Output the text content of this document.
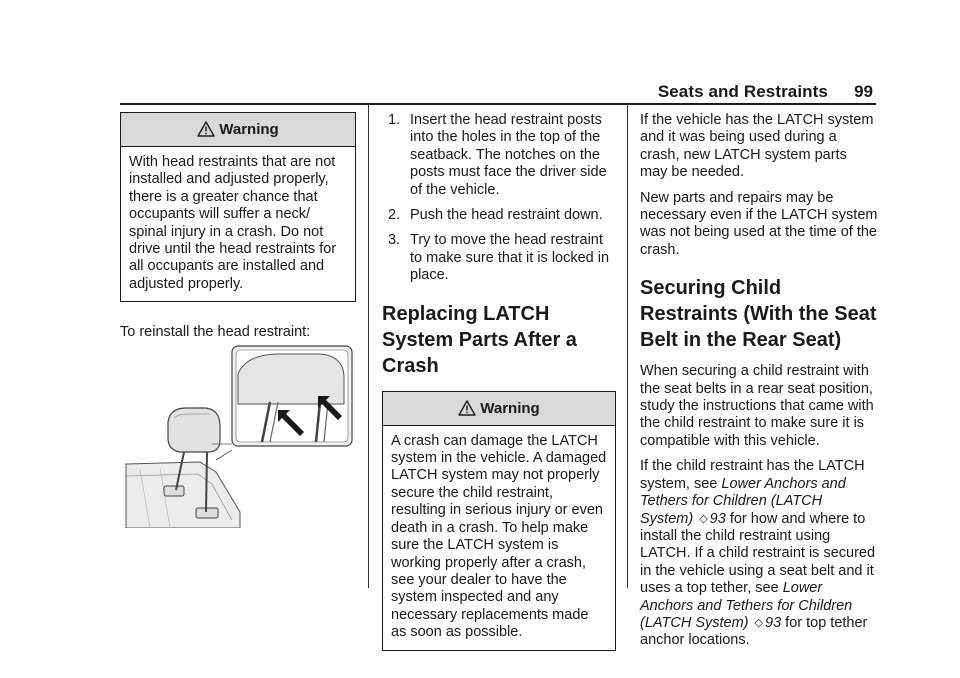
Seats and Restraints 99
Warning
With head restraints that are not installed and adjusted properly, there is a greater chance that occupants will suffer a neck/ spinal injury in a crash. Do not drive until the head restraints for all occupants are installed and adjusted properly.

To reinstall the head restraint:

1. Insert the head restraint posts into the holes in the top of the seatback. The notches on the posts must face the driver side of the vehicle.
2. Push the head restraint down.
3. Try to move the head restraint to make sure that it is locked in place.
Replacing LATCH System Parts After a Crash
Warning
A crash can damage the LATCH system in the vehicle. A damaged LATCH system may not properly secure the child restraint, resulting in serious injury or even death in a crash. To help make sure the LATCH system is working properly after a crash, see your dealer to have the system inspected and any necessary replacements made as soon as possible.

If the vehicle has the LATCH system and it was being used during a crash, new LATCH system parts may be needed.

New parts and repairs may be necessary even if the LATCH system was not being used at the time of the crash.

Securing Child Restraints (With the Seat Belt in the Rear Seat)

When securing a child restraint with the seat belts in a rear seat position, study the instructions that came with the child restraint to make sure it is compatible with this vehicle.

If the child restraint has the LATCH system, see Lower Anchors and Tethers for Children (LATCH System) ◇ 93 for how and where to install the child restraint using LATCH. If a child restraint is secured in the vehicle using a seat belt and it uses a top tether, see Lower Anchors and Tethers for Children (LATCH System) ◇ 93 for top tether anchor locations.
